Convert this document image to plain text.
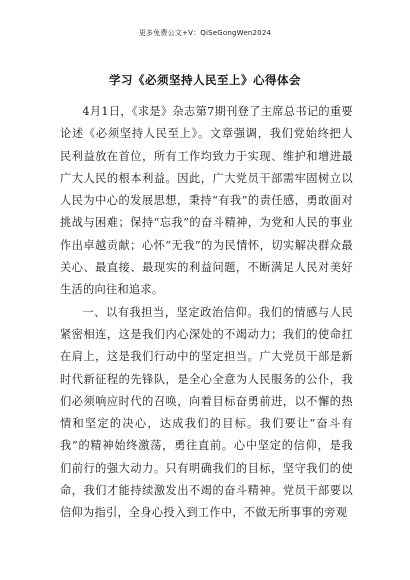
更多免费公文+V：QiSeGongWen2024
学习《必须坚持人民至上》心得体会

4月1日，《求是》杂志第7期刊登了主席总书记的重要论述《必须坚持人民至上》。文章强调，我们党始终把人民利益放在首位，所有工作均致力于实现、维护和增进最广大人民的根本利益。因此，广大党员干部需牢固树立以人民为中心的发展思想，秉持“有我”的责任感，勇敢面对挑战与困难；保持“忘我”的奋斗精神，为党和人民的事业作出卓越贡献；心怀“无我”的为民情怀，切实解决群众最关心、最直接、最现实的利益问题，不断满足人民对美好生活的向往和追求。

一、以有我担当，坚定政治信仰。我们的情感与人民紧密相连，这是我们内心深处的不竭动力；我们的使命扛在肩上，这是我们行动中的坚定担当。广大党员干部是新时代新征程的先锋队，是全心全意为人民服务的公仆，我们必须响应时代的召唤，向着目标奋勇前进，以不懈的热情和坚定的决心，达成我们的目标。我们要让“奋斗有我”的精神始终激荡，勇往直前。心中坚定的信仰，是我们前行的强大动力。只有明确我们的目标，坚守我们的使命，我们才能持续激发出不竭的奋斗精神。党员干部要以信仰为指引，全身心投入到工作中，不做无所事事的旁观
